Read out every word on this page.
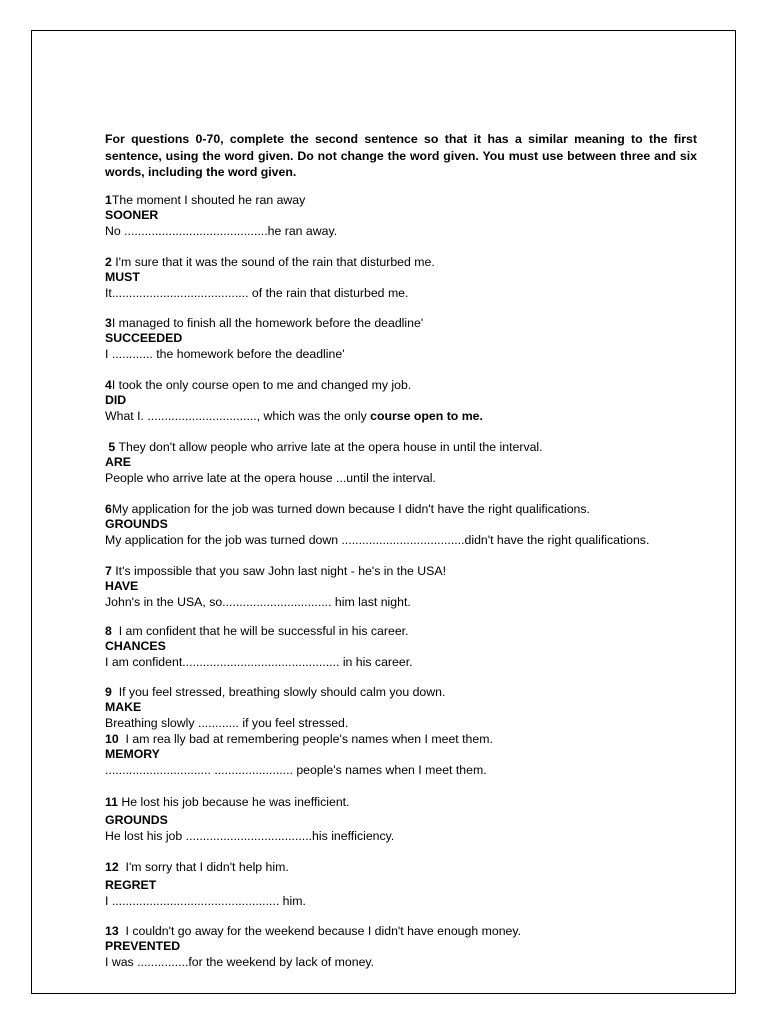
For questions 0-70, complete the second sentence so that it has a similar meaning to the first sentence, using the word given. Do not change the word given. You must use between three and six words, including the word given.

1The moment I shouted he ran away
SOONER
No ..........................................he ran away.
2 I'm sure that it was the sound of the rain that disturbed me.
MUST
It........................................ of the rain that disturbed me.
3I managed to finish all the homework before the deadline'
SUCCEEDED
I ............ the homework before the deadline'
4I took the only course open to me and changed my job.
DID
What I. ................................, which was the only course open to me.
5 They don't allow people who arrive late at the opera house in until the interval.
ARE
People who arrive late at the opera house ...until the interval.
6My application for the job was turned down because I didn't have the right qualifications.
GROUNDS
My application for the job was turned down ....................................didn't have the right qualifications.
7 It's impossible that you saw John last night - he's in the USA!
HAVE
John's in the USA, so................................ him last night.
8 I am confident that he will be successful in his career.
CHANCES
I am confident.............................................. in his career.
9 If you feel stressed, breathing slowly should calm you down.
MAKE
Breathing slowly ............ if you feel stressed.
10 I am rea lly bad at remembering people's names when I meet them.
MEMORY
............................... ....................... people's names when I meet them.
11 He lost his job because he was inefficient.
GROUNDS
He lost his job .....................................his inefficiency.
12 I'm sorry that I didn't help him.
REGRET
I ................................................. him.
13 I couldn't go away for the weekend because I didn't have enough money.
PREVENTED
I was ...............for the weekend by lack of money.
